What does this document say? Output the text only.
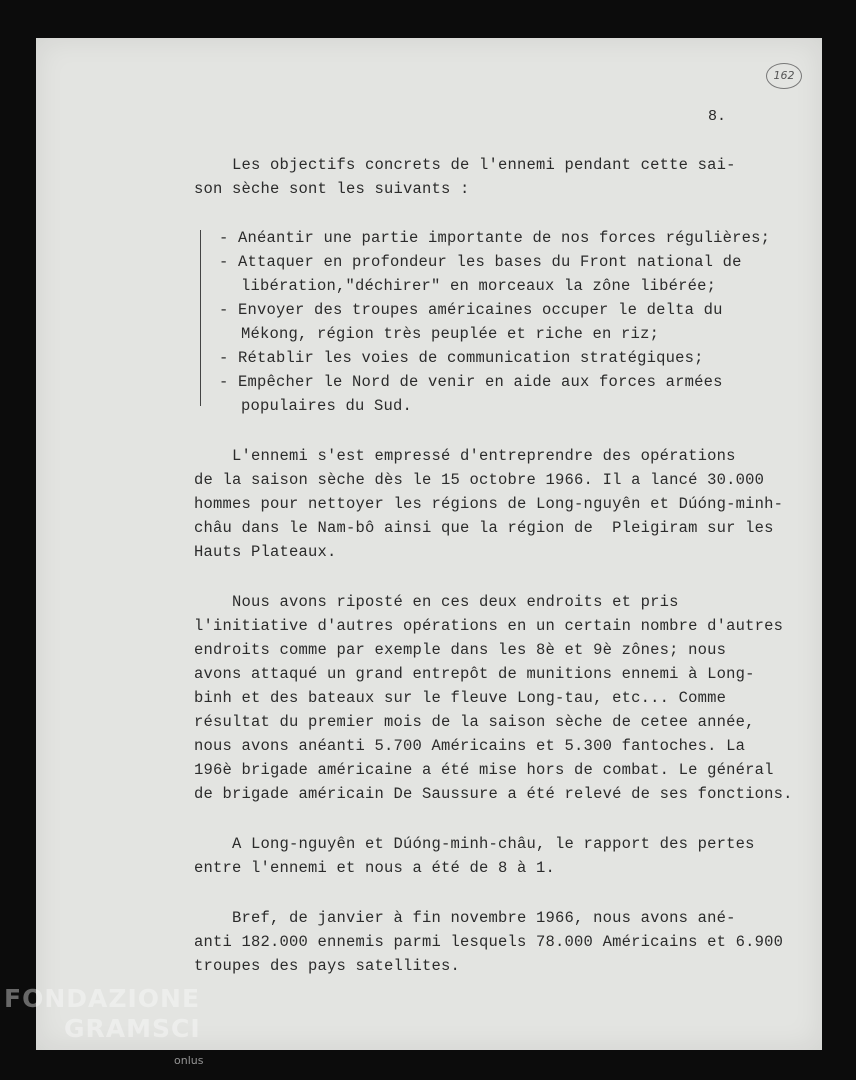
162
8.
Les objectifs concrets de l'ennemi pendant cette sai-
son sèche sont les suivants :
- Anéantir une partie importante de nos forces régulières;
- Attaquer en profondeur les bases du Front national de
libération,"déchirer" en morceaux la zône libérée;
- Envoyer des troupes américaines occuper le delta du
Mékong, région très peuplée et riche en riz;
- Rétablir les voies de communication stratégiques;
- Empêcher le Nord de venir en aide aux forces armées
populaires du Sud.
L'ennemi s'est empressé d'entreprendre des opérations
de la saison sèche dès le 15 octobre 1966. Il a lancé 30.000
hommes pour nettoyer les régions de Long-nguyên et Dúóng-minh-
châu dans le Nam-bô ainsi que la région de  Pleigiram sur les
Hauts Plateaux.
Nous avons riposté en ces deux endroits et pris
l'initiative d'autres opérations en un certain nombre d'autres
endroits comme par exemple dans les 8è et 9è zônes; nous
avons attaqué un grand entrepôt de munitions ennemi à Long-
binh et des bateaux sur le fleuve Long-tau, etc... Comme
résultat du premier mois de la saison sèche de cetee année,
nous avons anéanti 5.700 Américains et 5.300 fantoches. La
196è brigade américaine a été mise hors de combat. Le général
de brigade américain De Saussure a été relevé de ses fonctions.
A Long-nguyên et Dúóng-minh-châu, le rapport des pertes
entre l'ennemi et nous a été de 8 à 1.
Bref, de janvier à fin novembre 1966, nous avons ané-
anti 182.000 ennemis parmi lesquels 78.000 Américains et 6.900
troupes des pays satellites.
FONDAZIONE
GRAMSCI
onlus
